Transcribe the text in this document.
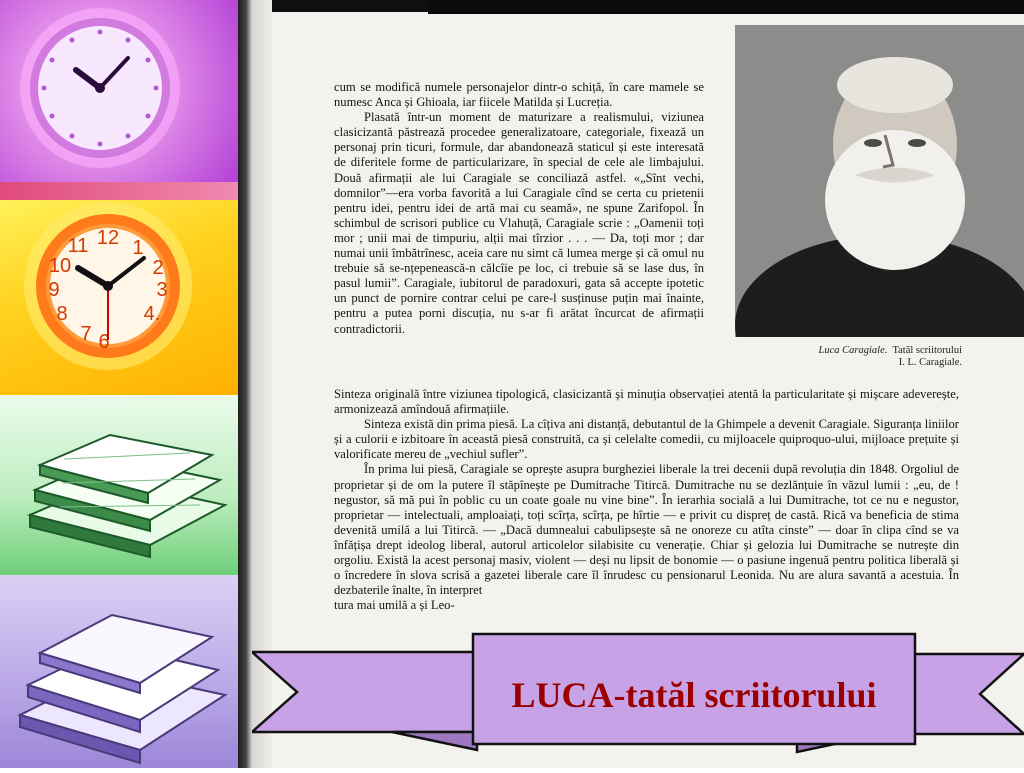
12 1
2
3
4.
6
7
8
9
10
11
Luca Caragiale. Tatăl scriitorului
I. L. Caragiale.

cum se modifică numele personajelor dintr-o schiță, în care mamele se numesc Anca și Ghioala, iar fiicele Matilda și Lucreția.

Plasată într-un moment de maturizare a realismului, viziunea clasicizantă păstrează procedee generalizatoare, categoriale, fixează un personaj prin ticuri, formule, dar abandonează staticul și este interesată de diferitele forme de particularizare, în special de cele ale limbajului. Două afirmații ale lui Caragiale se conciliază astfel. «„Sînt vechi, domnilor”—era vorba favorită a lui Caragiale cînd se certa cu prietenii pentru idei, pentru idei de artă mai cu seamă», ne spune Zarifopol. În schimbul de scrisori publice cu Vlahuță, Caragiale scrie : „Oamenii toți mor ; unii mai de timpuriu, alții mai tîrzior . . . — Da, toți mor ; dar numai unii îmbătrînesc, aceia care nu simt că lumea merge și că omul nu trebuie să se-nțepenească-n călcîie pe loc, ci trebuie să se lase dus, în pasul lumii”. Caragiale, iubitorul de paradoxuri, gata să accepte ipotetic un punct de pornire contrar celui pe care-l susținuse puțin mai înainte, pentru a putea porni discuția, nu s-ar fi arătat încurcat de afirmații contradictorii.

Sinteza originală între viziunea tipologică, clasicizantă și minuția observației atentă la particularitate și mișcare adeverește, armonizează amîndouă afirmațiile.

Sinteza există din prima piesă. La cîțiva ani distanță, debutantul de la Ghimpele a devenit Caragiale. Siguranța liniilor și a culorii e izbitoare în această piesă construită, ca și celelalte comedii, cu mijloacele quiproquo-ului, mijloace prețuite și valorificate mereu de „vechiul sufler”.

În prima lui piesă, Caragiale se oprește asupra burgheziei liberale la trei decenii după revoluția din 1848. Orgoliul de proprietar și de om la putere îl stăpînește pe Dumitrache Titircă. Dumitrache nu se dezlănțuie în văzul lumii : „eu, de ! negustor, să mă pui în poblic cu un coate goale nu vine bine”. În ierarhia socială a lui Dumitrache, tot ce nu e negustor, proprietar — intelectuali, amploaiați, toți scîrța, scîrța, pe hîrtie — e privit cu dispreț de castă. Rică va beneficia de stima devenită umilă a lui Titircă. — „Dacă dumnealui cabulipsește să ne onoreze cu atîta cinste” — doar în clipa cînd se va înfățișa drept ideolog liberal, autorul articolelor silabisite cu venerație. Chiar și gelozia lui Dumitrache se nutrește din orgoliu. Există la acest personaj masiv, violent — deși nu lipsit de bonomie — o pasiune ingenuă pentru politica liberală și o încredere în slova scrisă a gazetei liberale care îl înrudesc cu pensionarul Leonida. Nu are alura savantă a acestuia. În dezbaterile înalte, în interpret

tura mai umilă a și Leo-

LUCA-tatăl scriitorului
